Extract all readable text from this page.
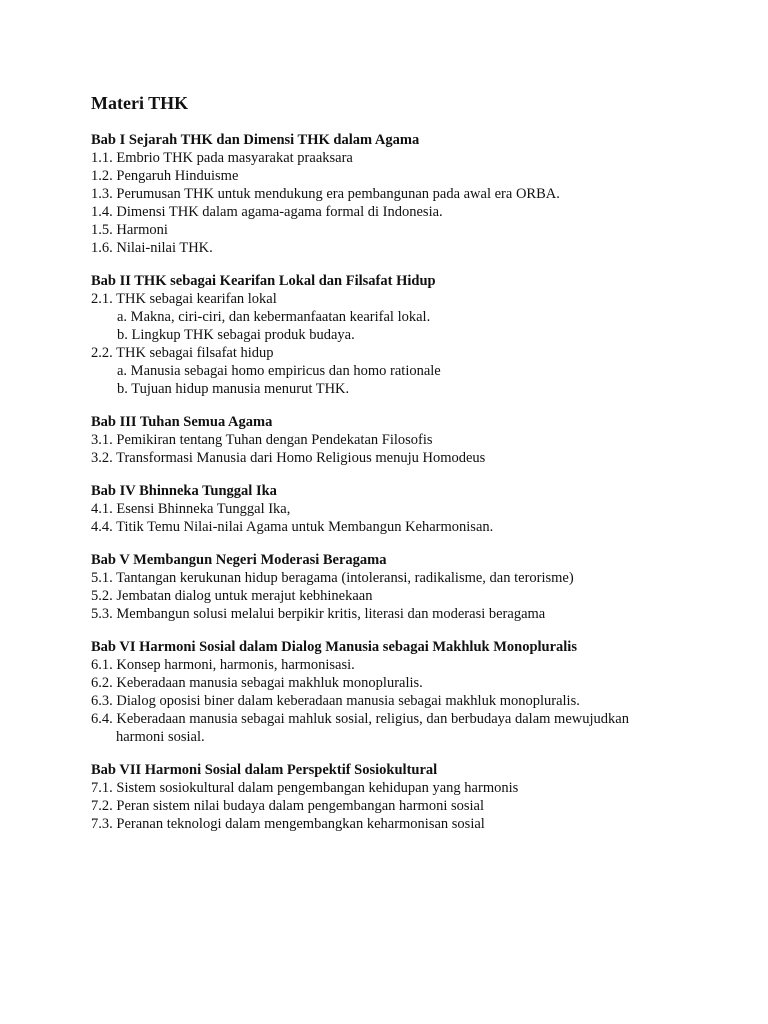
Materi THK
Bab I Sejarah THK dan Dimensi THK dalam Agama

1.1. Embrio THK pada masyarakat praaksara

1.2. Pengaruh Hinduisme

1.3. Perumusan THK untuk mendukung era pembangunan pada awal era ORBA.

1.4. Dimensi THK dalam agama-agama formal di Indonesia.

1.5. Harmoni

1.6. Nilai-nilai THK.

Bab II THK sebagai Kearifan Lokal dan Filsafat Hidup

2.1. THK sebagai kearifan lokal

a. Makna, ciri-ciri, dan kebermanfaatan kearifal lokal.

b. Lingkup THK sebagai produk budaya.

2.2. THK sebagai filsafat hidup

a. Manusia sebagai homo empiricus dan homo rationale

b. Tujuan hidup manusia menurut THK.

Bab III Tuhan Semua Agama

3.1. Pemikiran tentang Tuhan dengan Pendekatan Filosofis

3.2. Transformasi Manusia dari Homo Religious menuju Homodeus

Bab IV Bhinneka Tunggal Ika

4.1. Esensi Bhinneka Tunggal Ika,

4.4. Titik Temu Nilai-nilai Agama untuk Membangun Keharmonisan.

Bab V Membangun Negeri Moderasi Beragama

5.1. Tantangan kerukunan hidup beragama (intoleransi, radikalisme, dan terorisme)

5.2. Jembatan dialog untuk merajut kebhinekaan

5.3. Membangun solusi melalui berpikir kritis, literasi dan moderasi beragama

Bab VI Harmoni Sosial dalam Dialog Manusia sebagai Makhluk Monopluralis

6.1. Konsep harmoni, harmonis, harmonisasi.

6.2. Keberadaan manusia sebagai makhluk monopluralis.

6.3. Dialog oposisi biner dalam keberadaan manusia sebagai makhluk monopluralis.

6.4. Keberadaan manusia sebagai mahluk sosial, religius, dan berbudaya dalam mewujudkan harmoni sosial.

Bab VII Harmoni Sosial dalam Perspektif Sosiokultural

7.1. Sistem sosiokultural dalam pengembangan kehidupan yang harmonis

7.2. Peran sistem nilai budaya dalam pengembangan harmoni sosial

7.3. Peranan teknologi dalam mengembangkan keharmonisan sosial
